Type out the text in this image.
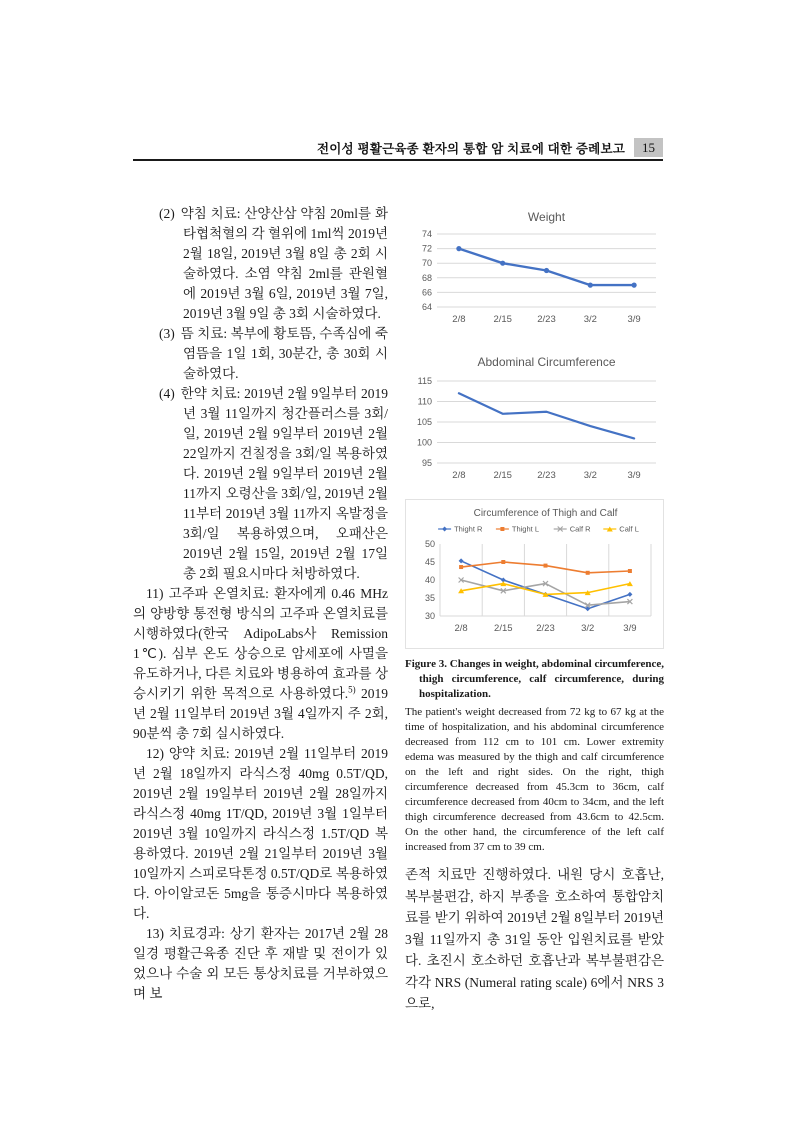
전이성 평활근육종 환자의 통합 암 치료에 대한 증례보고	15
(2) 약침 치료: 산양산삼 약침 20ml를 화타협척혈의 각 혈위에 1ml씩 2019년 2월 18일, 2019년 3월 8일 총 2회 시술하였다. 소염 약침 2ml를 관원혈에 2019년 3월 6일, 2019년 3월 7일, 2019년 3월 9일 총 3회 시술하였다.
(3) 뜸 치료: 복부에 황토뜸, 수족심에 죽염뜸을 1일 1회, 30분간, 총 30회 시술하였다.
(4) 한약 치료: 2019년 2월 9일부터 2019년 3월 11일까지 청간플러스를 3회/일, 2019년 2월 9일부터 2019년 2월 22일까지 건칠정을 3회/일 복용하였다. 2019년 2월 9일부터 2019년 2월 11까지 오령산을 3회/일, 2019년 2월 11부터 2019년 3월 11까지 옥발정을 3회/일 복용하였으며, 오패산은 2019년 2월 15일, 2019년 2월 17일 총 2회 필요시마다 처방하였다.
11) 고주파 온열치료: 환자에게 0.46 MHz의 양방향 통전형 방식의 고주파 온열치료를 시행하였다(한국 AdipoLabs사 Remission 1℃). 심부 온도 상승으로 암세포에 사멸을 유도하거나, 다른 치료와 병용하여 효과를 상승시키기 위한 목적으로 사용하였다.$^{5)}$ 2019년 2월 11일부터 2019년 3월 4일까지 주 2회, 90분씩 총 7회 실시하였다.
12) 양약 치료: 2019년 2월 11일부터 2019년 2월 18일까지 라식스정 40mg 0.5T/QD, 2019년 2월 19일부터 2019년 2월 28일까지 라식스정 40mg 1T/QD, 2019년 3월 1일부터 2019년 3월 10일까지 라식스정 1.5T/QD 복용하였다. 2019년 2월 21일부터 2019년 3월 10일까지 스피로닥톤정 0.5T/QD로 복용하였다. 아이알코돈 5mg을 통증시마다 복용하였다.
13) 치료경과: 상기 환자는 2017년 2월 28일경 평활근육종 진단 후 재발 및 전이가 있었으나 수술 외 모든 통상치료를 거부하였으며 보
Weight
64
66
68
70
72
74
2/8	2/15	2/23	3/2	3/9
Abdominal Circumference
95
100
105
110
115
2/8	2/15	2/23	3/2	3/9
Circumference of Thigh and Calf
30
35
40
45
50
2/8	2/15 2/23	3/2	3/9
Thight R	Thight L	Calf R	Calf L
Figure 3. Changes in weight, abdominal circumference, thigh circumference, calf circumference, during hospitalization.
The patient's weight decreased from 72 kg to 67 kg at the time of hospitalization, and his abdominal circumference decreased from 112 cm to 101 cm. Lower extremity edema was measured by the thigh and calf circumference on the left and right sides. On the right, thigh circumference decreased from 45.3cm to 36cm, calf circumference decreased from 40cm to 34cm, and the left thigh circumference decreased from 43.6cm to 42.5cm. On the other hand, the circumference of the left calf increased from 37 cm to 39 cm.
존적 치료만 진행하였다. 내원 당시 호흡난, 복부불편감, 하지 부종을 호소하여 통합암치료를 받기 위하여 2019년 2월 8일부터 2019년 3월 11일까지 총 31일 동안 입원치료를 받았다. 초진시 호소하던 호흡난과 복부불편감은 각각 NRS (Numeral rating scale) 6에서 NRS 3으로,
